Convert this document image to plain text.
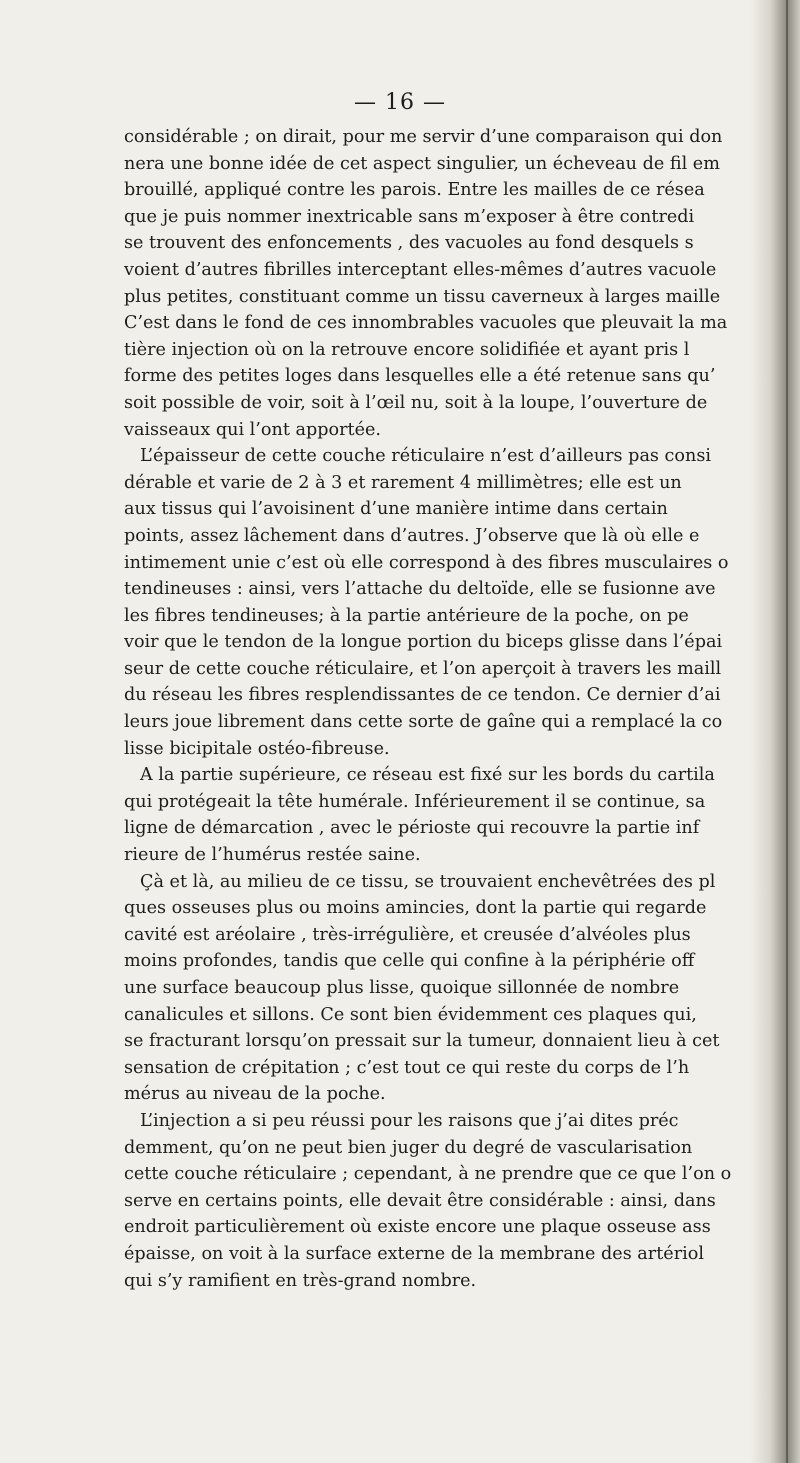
— 16 —
considérable ; on dirait, pour me servir d’une comparaison qui don
nera une bonne idée de cet aspect singulier, un écheveau de fil em
brouillé, appliqué contre les parois. Entre les mailles de ce résea
que je puis nommer inextricable sans m’exposer à être contredi
se trouvent des enfoncements , des vacuoles au fond desquels s
voient d’autres fibrilles interceptant elles-mêmes d’autres vacuole
plus petites, constituant comme un tissu caverneux à larges maille
C’est dans le fond de ces innombrables vacuoles que pleuvait la ma
tière injection où on la retrouve encore solidifiée et ayant pris l
forme des petites loges dans lesquelles elle a été retenue sans qu’
soit possible de voir, soit à l’œil nu, soit à la loupe, l’ouverture de
vaisseaux qui l’ont apportée.
L’épaisseur de cette couche réticulaire n’est d’ailleurs pas consi
dérable et varie de 2 à 3 et rarement 4 millimètres; elle est un
aux tissus qui l’avoisinent d’une manière intime dans certain
points, assez lâchement dans d’autres. J’observe que là où elle e
intimement unie c’est où elle correspond à des fibres musculaires o
tendineuses : ainsi, vers l’attache du deltoïde, elle se fusionne ave
les fibres tendineuses; à la partie antérieure de la poche, on pe
voir que le tendon de la longue portion du biceps glisse dans l’épai
seur de cette couche réticulaire, et l’on aperçoit à travers les maill
du réseau les fibres resplendissantes de ce tendon. Ce dernier d’ai
leurs joue librement dans cette sorte de gaîne qui a remplacé la co
lisse bicipitale ostéo-fibreuse.
A la partie supérieure, ce réseau est fixé sur les bords du cartila
qui protégeait la tête humérale. Inférieurement il se continue, sa
ligne de démarcation , avec le périoste qui recouvre la partie inf
rieure de l’humérus restée saine.
Çà et là, au milieu de ce tissu, se trouvaient enchevêtrées des pl
ques osseuses plus ou moins amincies, dont la partie qui regarde
cavité est aréolaire , très-irrégulière, et creusée d’alvéoles plus
moins profondes, tandis que celle qui confine à la périphérie off
une surface beaucoup plus lisse, quoique sillonnée de nombre
canalicules et sillons. Ce sont bien évidemment ces plaques qui,
se fracturant lorsqu’on pressait sur la tumeur, donnaient lieu à cet
sensation de crépitation ; c’est tout ce qui reste du corps de l’h
mérus au niveau de la poche.
L’injection a si peu réussi pour les raisons que j’ai dites préc
demment, qu’on ne peut bien juger du degré de vascularisation
cette couche réticulaire ; cependant, à ne prendre que ce que l’on o
serve en certains points, elle devait être considérable : ainsi, dans
endroit particulièrement où existe encore une plaque osseuse ass
épaisse, on voit à la surface externe de la membrane des artériol
qui s’y ramifient en très-grand nombre.
